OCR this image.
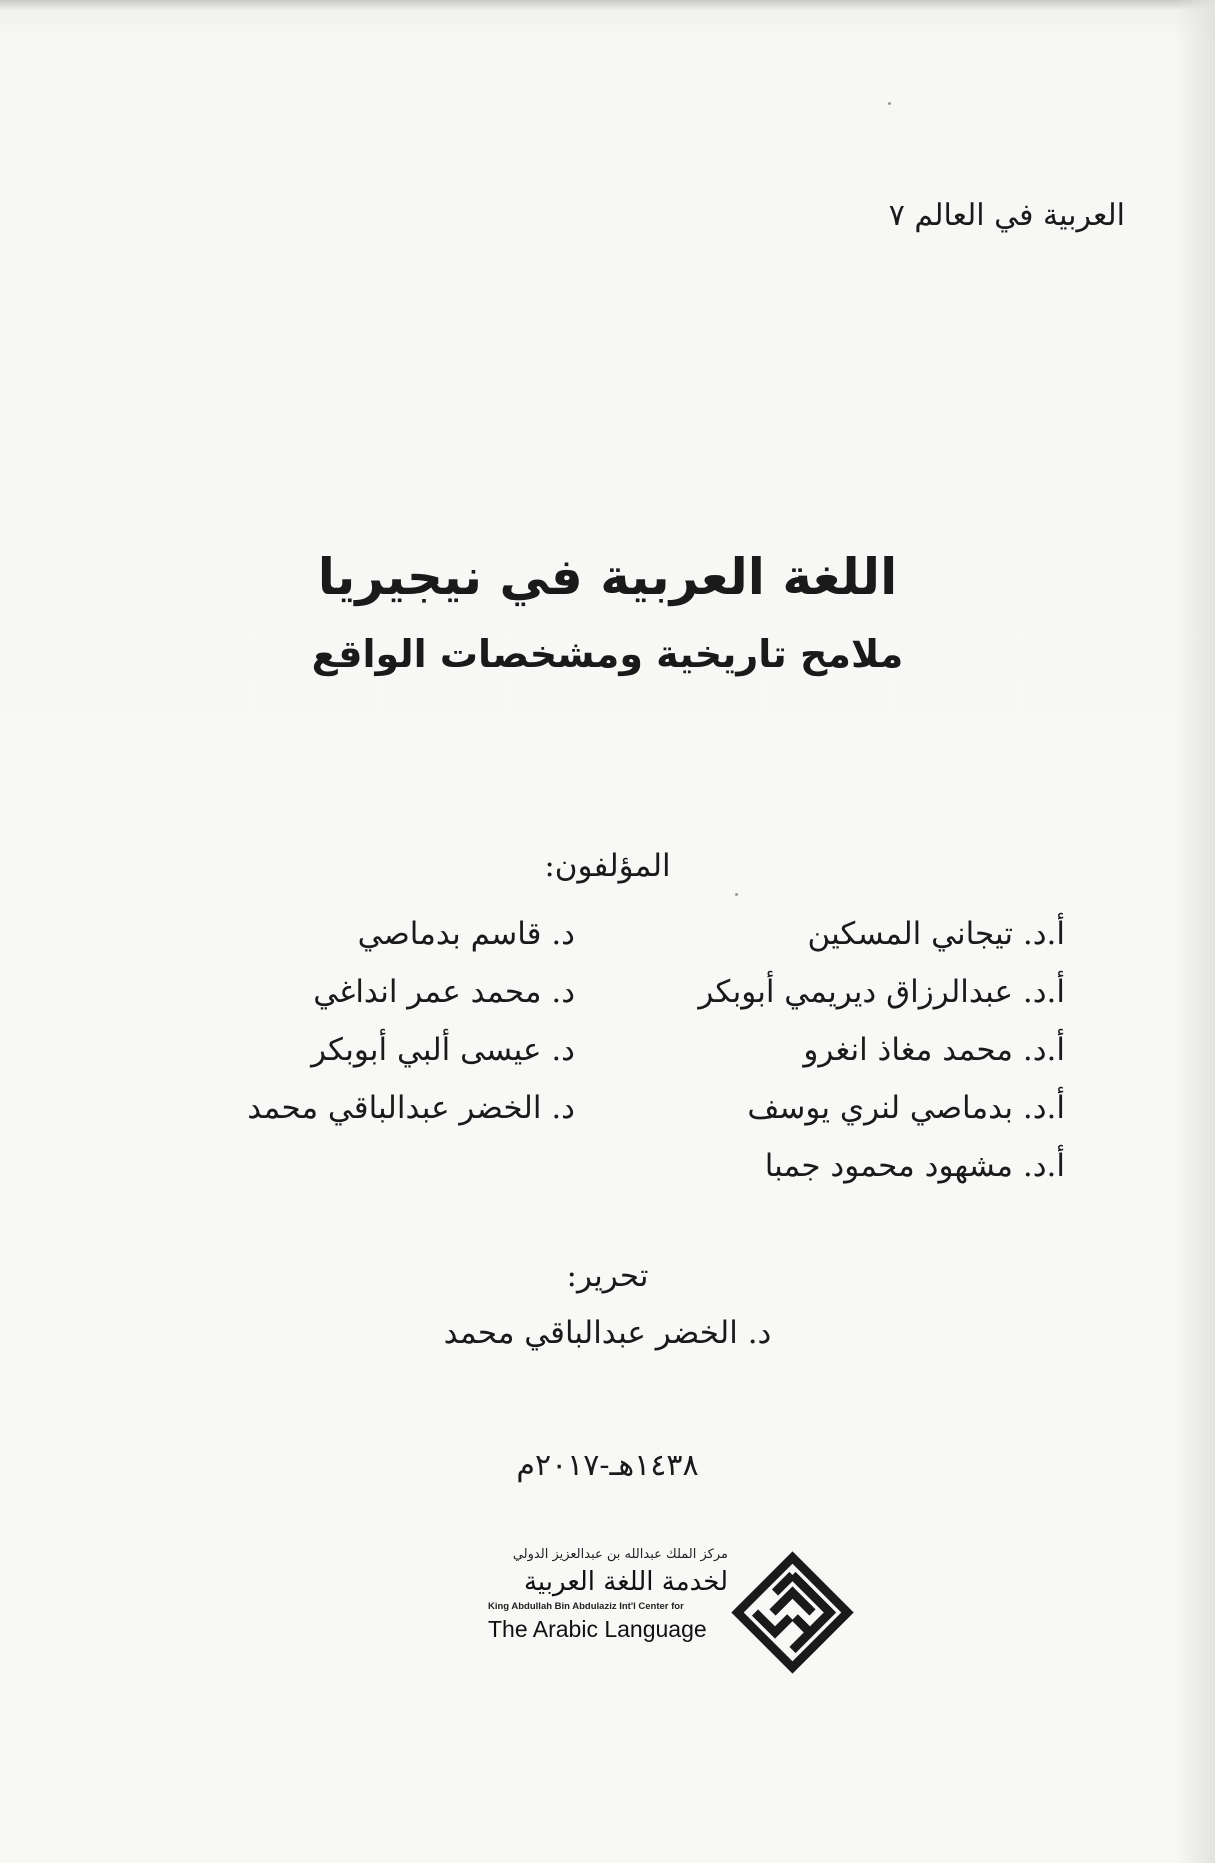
العربية في العالم ٧
اللغة العربية في نيجيريا
ملامح تاريخية ومشخصات الواقع
المؤلفون:
أ.د. تيجاني المسكين
أ.د. عبدالرزاق ديريمي أبوبكر
أ.د. محمد مغاذ انغرو
أ.د. بدماصي لنري يوسف
أ.د. مشهود محمود جمبا
د. قاسم بدماصي
د. محمد عمر انداغي
د. عيسى ألبي أبوبكر
د. الخضر عبدالباقي محمد
تحرير:
د. الخضر عبدالباقي محمد
١٤٣٨هـ-٢٠١٧م
مركز الملك عبدالله بن عبدالعزيز الدولي
لخدمة اللغة العربية
King Abdullah Bin Abdulaziz Int'l Center for
The Arabic Language
